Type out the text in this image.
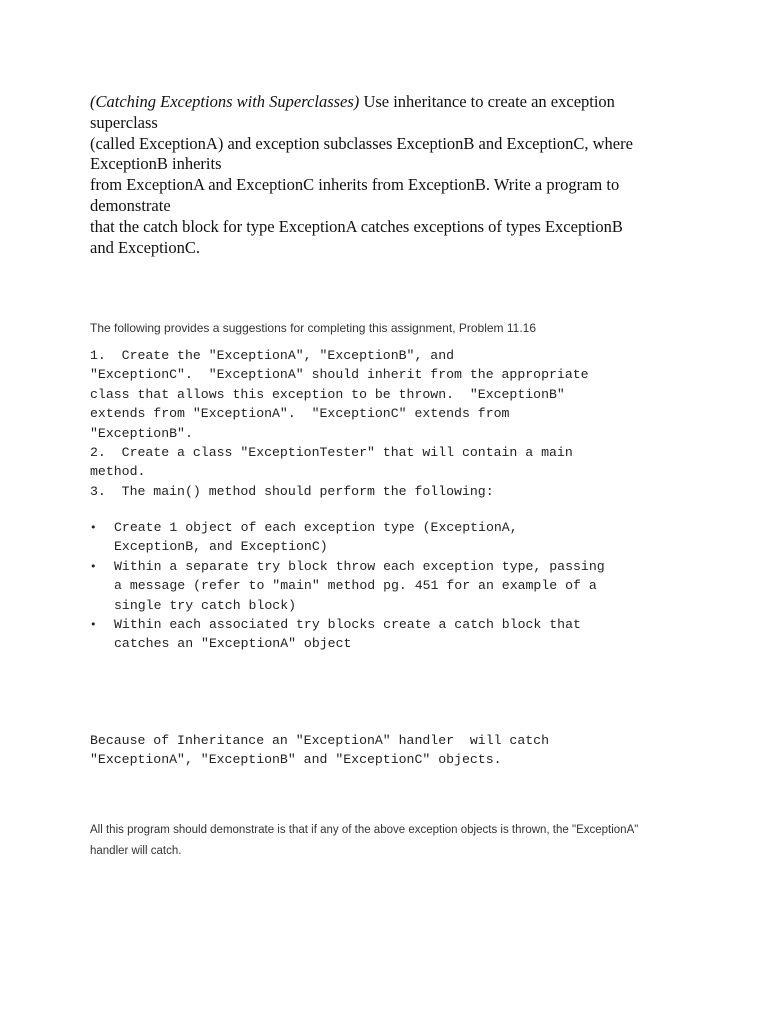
(Catching Exceptions with Superclasses) Use inheritance to create an exception
superclass
(called ExceptionA) and exception subclasses ExceptionB and ExceptionC, where
ExceptionB inherits
from ExceptionA and ExceptionC inherits from ExceptionB. Write a program to
demonstrate
that the catch block for type ExceptionA catches exceptions of types ExceptionB
and ExceptionC.
The following provides a suggestions for completing this assignment, Problem 11.16
1.  Create the "ExceptionA", "ExceptionB", and
"ExceptionC".  "ExceptionA" should inherit from the appropriate
class that allows this exception to be thrown.  "ExceptionB"
extends from "ExceptionA".  "ExceptionC" extends from
"ExceptionB".
2.  Create a class "ExceptionTester" that will contain a main
method.
3.  The main() method should perform the following:
• Create 1 object of each exception type (ExceptionA,
ExceptionB, and ExceptionC)
• Within a separate try block throw each exception type, passing
a message (refer to "main" method pg. 451 for an example of a
single try catch block)
• Within each associated try blocks create a catch block that
catches an "ExceptionA" object
Because of Inheritance an "ExceptionA" handler  will catch
"ExceptionA", "ExceptionB" and "ExceptionC" objects.
All this program should demonstrate is that if any of the above exception objects is thrown, the "ExceptionA"
handler will catch.
